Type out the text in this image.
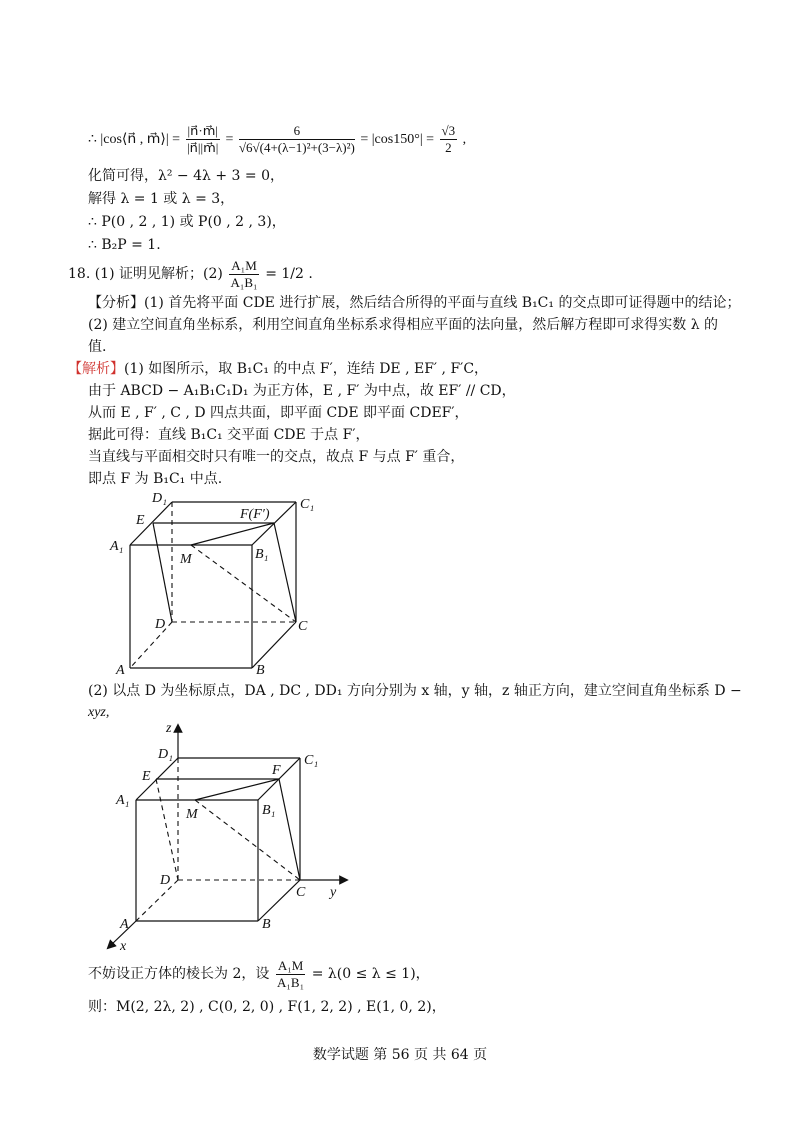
∴ |cos⟨n⃗ , m⃗⟩| = $\frac{|n⃗\cdot m⃗|}{|n⃗||m⃗|} = \frac{6}{\text{√6√(4+(λ−1)²+(3−λ)²)}} = |\cos 150^\circ| = \frac{√3}{2}$ ,
化简可得，λ² − 4λ + 3 = 0，
解得 λ = 1 或 λ = 3，
∴ P(0 , 2 , 1) 或 P(0 , 2 , 3)，
∴ B₂P = 1.
18. (1) 证明见解析；$(2) \frac{\text{A₁M}}{\text{A₁B₁}} = 1/2$ .
【分析】(1) 首先将平面 CDE 进行扩展，然后结合所得的平面与直线 B₁C₁ 的交点即可证得题中的结论；
(2) 建立空间直角坐标系，利用空间直角坐标系求得相应平面的法向量，然后解方程即可求得实数 λ 的
值.
【解析】(1) 如图所示，取 B₁C₁ 的中点 F′，连结 DE , EF′ , F′C，
由于 ABCD − A₁B₁C₁D₁ 为正方体，E , F′ 为中点，故 EF′ // CD，
从而 E , F′ , C , D 四点共面，即平面 CDE 即平面 CDEF′，
据此可得：直线 B₁C₁ 交平面 CDE 于点 F′，
当直线与平面相交时只有唯一的交点，故点 F 与点 F′ 重合，
即点 F 为 B₁C₁ 中点.
D₁	C₁
E	F(F′)
A₁
B₁
M
D	C
A	B
(2) 以点 D 为坐标原点，DA , DC , DD₁ 方向分别为 x 轴，y 轴，z 轴正方向，建立空间直角坐标系 D −
xyz,
z
D₁	C₁
E	F
A₁
B₁
M
D
C y
A	B
x
不妨设正方体的棱长为 2，设 $\frac{\text{A₁M}}{\text{A₁B₁}} = \lambda(0 \le \lambda \le 1)$，
则：M(2, 2λ, 2) , C(0, 2, 0) , F(1, 2, 2) , E(1, 0, 2)，
数学试题 第 56 页 共 64 页
